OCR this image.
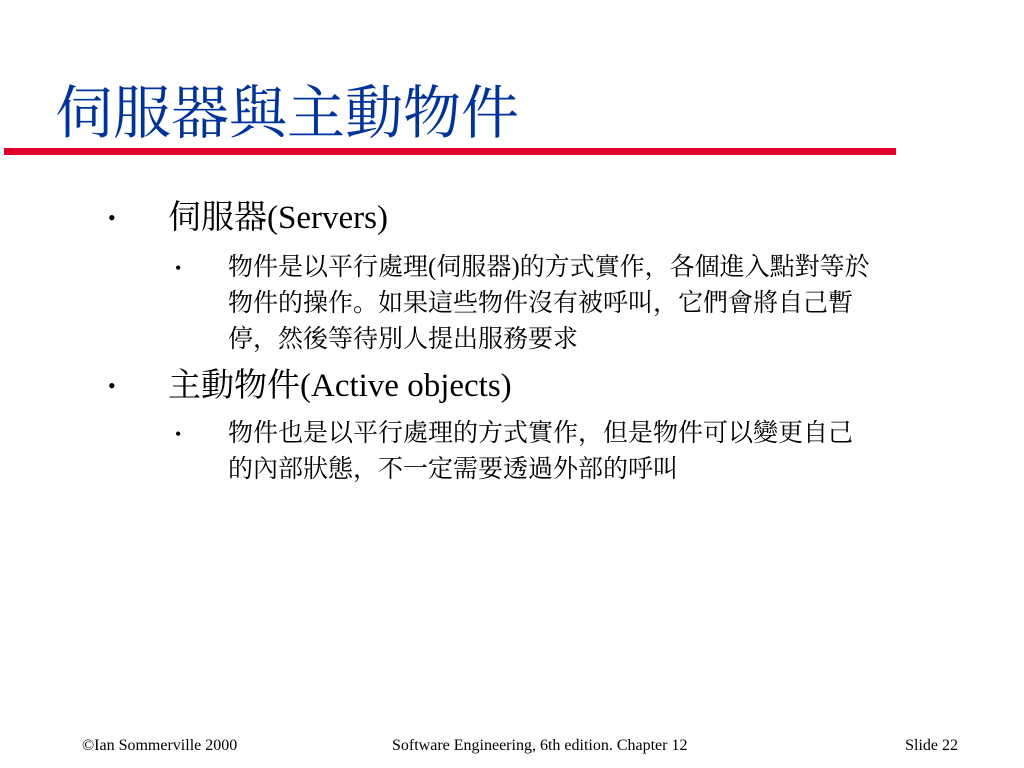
伺服器與主動物件
•	伺服器(Servers)
•	物件是以平行處理(伺服器)的方式實作，各個進入點對等於
物件的操作。如果這些物件沒有被呼叫，它們會將自己暫
停，然後等待別人提出服務要求
•	主動物件(Active objects)
•	物件也是以平行處理的方式實作，但是物件可以變更自己
的內部狀態，不一定需要透過外部的呼叫
©Ian Sommerville 2000	Software Engineering, 6th edition. Chapter 12	Slide 22
